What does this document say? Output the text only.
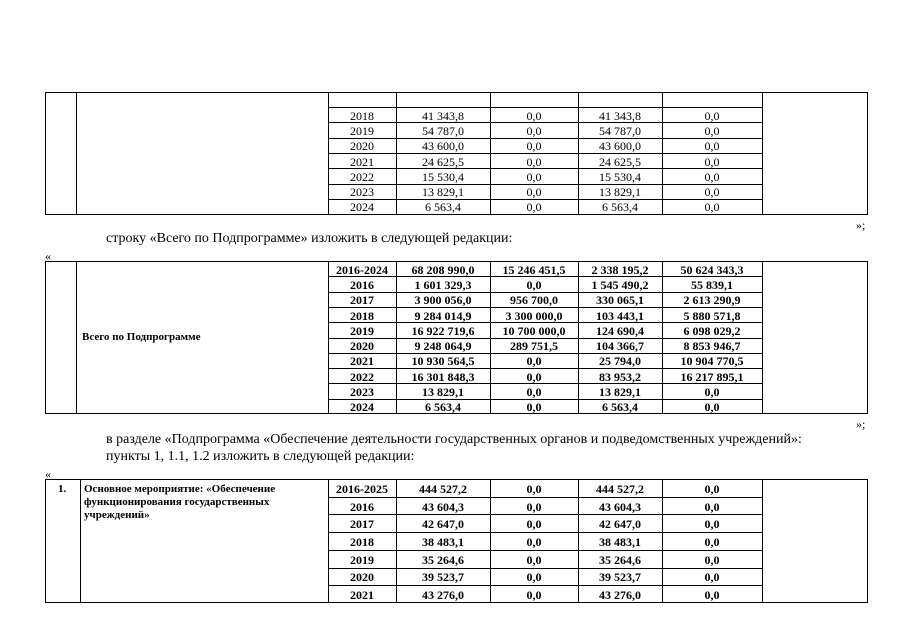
2018	41 343,8	0,0	41 343,8	0,0
2019	54 787,0	0,0	54 787,0	0,0
2020	43 600,0	0,0	43 600,0	0,0
2021	24 625,5	0,0	24 625,5	0,0
2022	15 530,4	0,0	15 530,4	0,0
2023	13 829,1	0,0	13 829,1	0,0
2024	6 563,4	0,0	6 563,4	0,0
»;
строку «Всего по Подпрограмме» изложить в следующей редакции:
«
Всего по Подпрограмме
2016-2024	68 208 990,0	15 246 451,5	2 338 195,2	50 624 343,3
2016	1 601 329,3	0,0	1 545 490,2	55 839,1
2017	3 900 056,0	956 700,0	330 065,1	2 613 290,9
2018	9 284 014,9	3 300 000,0	103 443,1	5 880 571,8
2019	16 922 719,6	10 700 000,0	124 690,4	6 098 029,2
2020	9 248 064,9	289 751,5	104 366,7	8 853 946,7
2021	10 930 564,5	0,0	25 794,0	10 904 770,5
2022	16 301 848,3	0,0	83 953,2	16 217 895,1
2023	13 829,1	0,0	13 829,1	0,0
2024	6 563,4	0,0	6 563,4	0,0
»;
в разделе «Подпрограмма «Обеспечение деятельности государственных органов и подведомственных учреждений»:
пункты 1, 1.1, 1.2 изложить в следующей редакции:
«
1. Основное мероприятие: «Обеспечение функционирования государственных учреждений»
2016-2025	444 527,2	0,0	444 527,2	0,0
2016	43 604,3	0,0	43 604,3	0,0
2017	42 647,0	0,0	42 647,0	0,0
2018	38 483,1	0,0	38 483,1	0,0
2019	35 264,6	0,0	35 264,6	0,0
2020	39 523,7	0,0	39 523,7	0,0
2021	43 276,0	0,0	43 276,0	0,0
